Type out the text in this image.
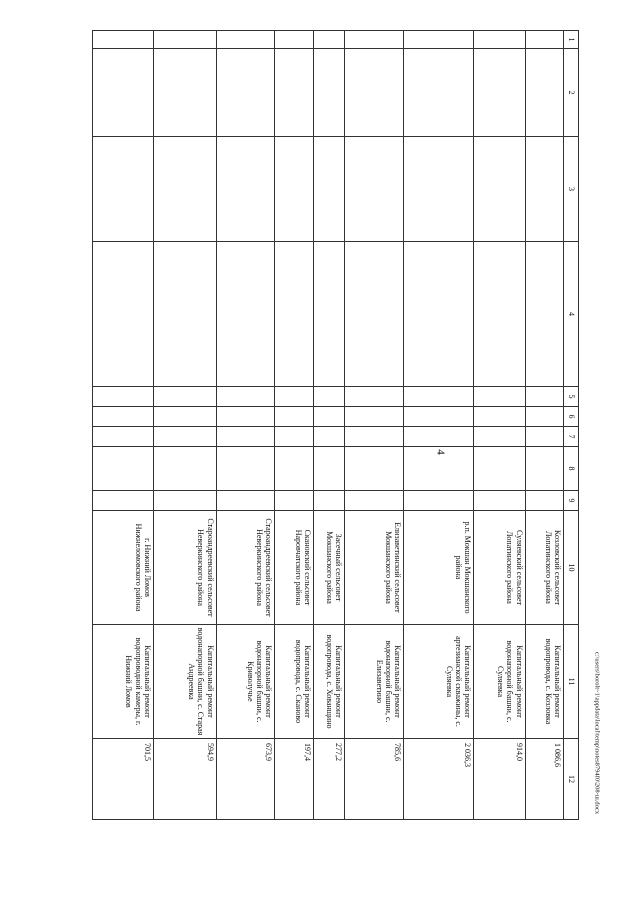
4
1	2	3	4	5	6	7	8	9	10	11	12
									Козловский сельсовет Лопатинского района	Капитальный ремонт водопровода, с. Козловка	1 086,6
									Суляевский сельсовет Лопатинского района	Капитальный ремонт водонапорной башни, с. Суляевка	914,0
									р.п. Мокшан Мокшанского района	Капитальный ремонт артезианской скважины, с. Суляевка	2 036,3
									Елизаветинский сельсовет Мокшанского района	Капитальный ремонт водонапорной башни, с. Елизаветино	785,6
									Засечный сельсовет Мокшанского района	Капитальный ремонт водопровода, с. Хованщино	277,2
									Скановский сельсовет Наровчатского района	Капитальный ремонт водопровода, с. Сканово	197,4
									Староандреевский сельсовет Неверкинского района	Капитальный ремонт водонапорной башни, с. Криволучье	673,9
									Староандреевский сельсовет Неверкинского района	Капитальный ремонт водонапорной башни, с. Старая Андреевка	594,9
									г. Нижний Ломов Нижнеломовского района	Капитальный ремонт водопроводной камеры, г. Нижний Ломов	701,5	c:\users\borolt~1\appdata\local\temp\notes8794f0\208-ш.docx
